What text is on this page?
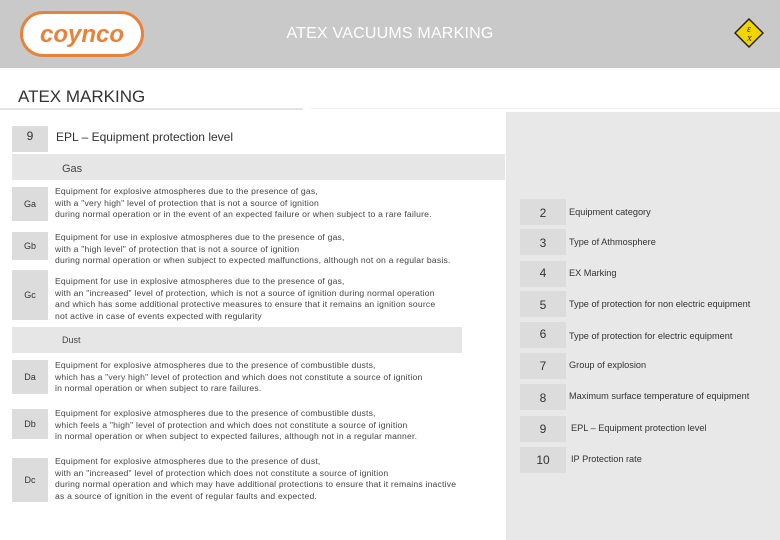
coynco	ATEX VACUUMS MARKING	ε
x
ATEX MARKING
9	EPL – Equipment protection level
Gas
Ga
Equipment for explosive atmospheres due to the presence of gas,
with a "very high" level of protection that is not a source of ignition
during normal operation or in the event of an expected failure or when subject to a rare failure.
Gb
Equipment for use in explosive atmospheres due to the presence of gas,
with a "high level" of protection that is not a source of ignition
during normal operation or when subject to expected malfunctions, although not on a regular basis.
Gc
Equipment for use in explosive atmospheres due to the presence of gas,
with an "increased" level of protection, which is not a source of ignition during normal operation
and which has some additional protective measures to ensure that it remains an ignition source
not active in case of events expected with regularity
Dust
Da
Equipment for explosive atmospheres due to the presence of combustible dusts,
which has a "very high" level of protection and which does not constitute a source of ignition
in normal operation or when subject to rare failures.
Db
Equipment for explosive atmospheres due to the presence of combustible dusts,
which feels a "high" level of protection and which does not constitute a source of ignition
in normal operation or when subject to expected failures, although not in a regular manner.
Dc
Equipment for explosive atmospheres due to the presence of dust,
with an "increased" level of protection which does not constitute a source of ignition
during normal operation and which may have additional protections to ensure that it remains inactive
as a source of ignition in the event of regular faults and expected.
2	Equipment category
3	Type of Athmosphere
4	EX Marking
5	Type of protection for non electric equipment
6	Type of protection for electric equipment
7	Group of explosion
8	Maximum surface temperature of equipment
9	EPL – Equipment protection level
10	IP Protection rate
